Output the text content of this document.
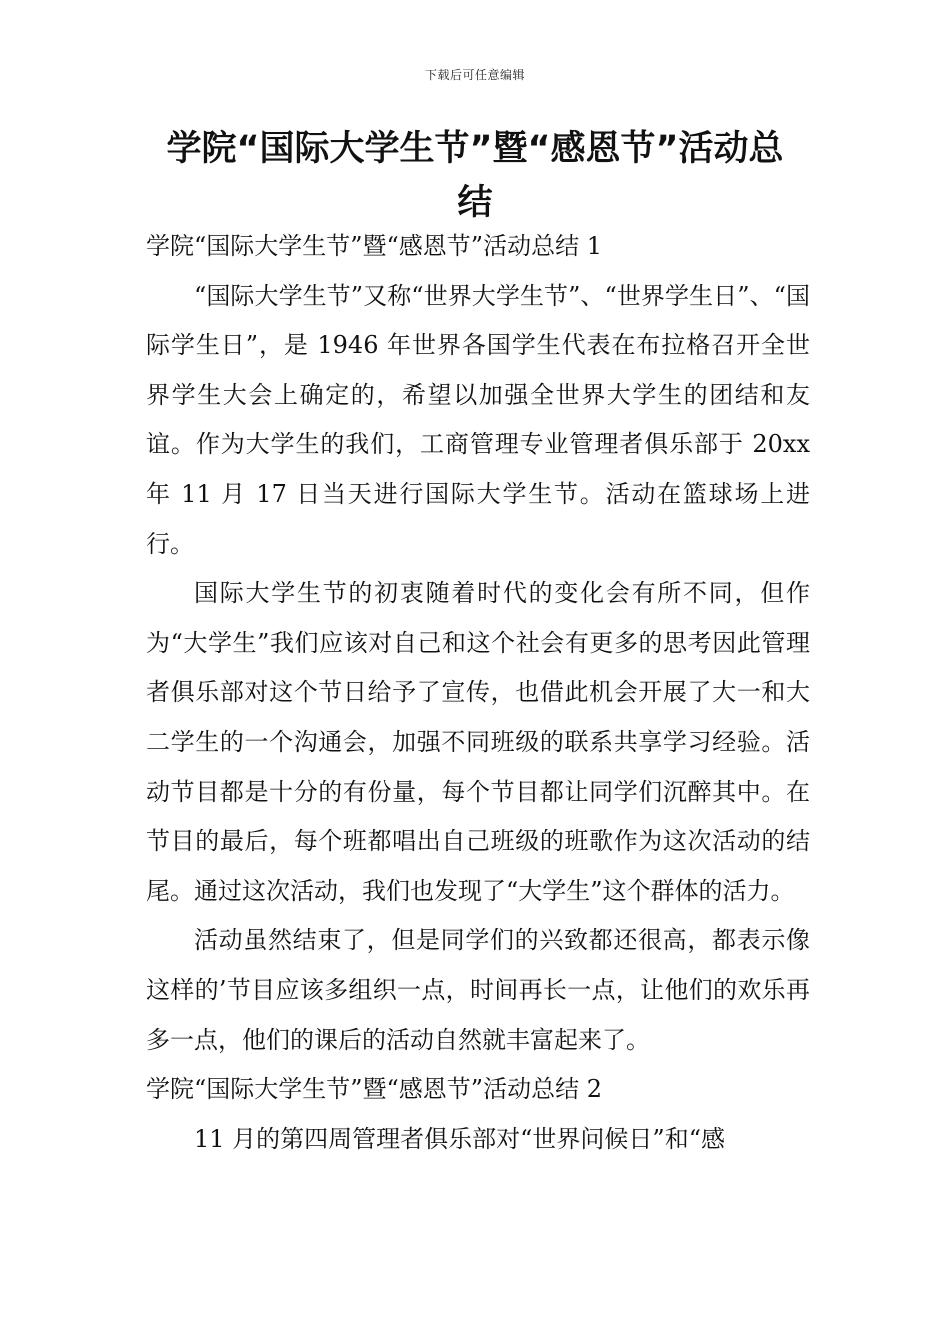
下载后可任意编辑
学院“国际大学生节”暨“感恩节”活动总结

学院“国际大学生节”暨“感恩节”活动总结 1

“国际大学生节”又称“世界大学生节”、“世界学生日”、“国际学生日”，是 1946 年世界各国学生代表在布拉格召开全世界学生大会上确定的，希望以加强全世界大学生的团结和友谊。作为大学生的我们，工商管理专业管理者俱乐部于 20xx 年 11 月 17 日当天进行国际大学生节。活动在篮球场上进行。

国际大学生节的初衷随着时代的变化会有所不同，但作为“大学生”我们应该对自己和这个社会有更多的思考因此管理者俱乐部对这个节日给予了宣传，也借此机会开展了大一和大二学生的一个沟通会，加强不同班级的联系共享学习经验。活动节目都是十分的有份量，每个节目都让同学们沉醉其中。在节目的最后，每个班都唱出自己班级的班歌作为这次活动的结尾。通过这次活动，我们也发现了“大学生”这个群体的活力。

活动虽然结束了，但是同学们的兴致都还很高，都表示像这样的’节目应该多组织一点，时间再长一点，让他们的欢乐再多一点，他们的课后的活动自然就丰富起来了。

学院“国际大学生节”暨“感恩节”活动总结 2

11 月的第四周管理者俱乐部对“世界问候日”和“感
